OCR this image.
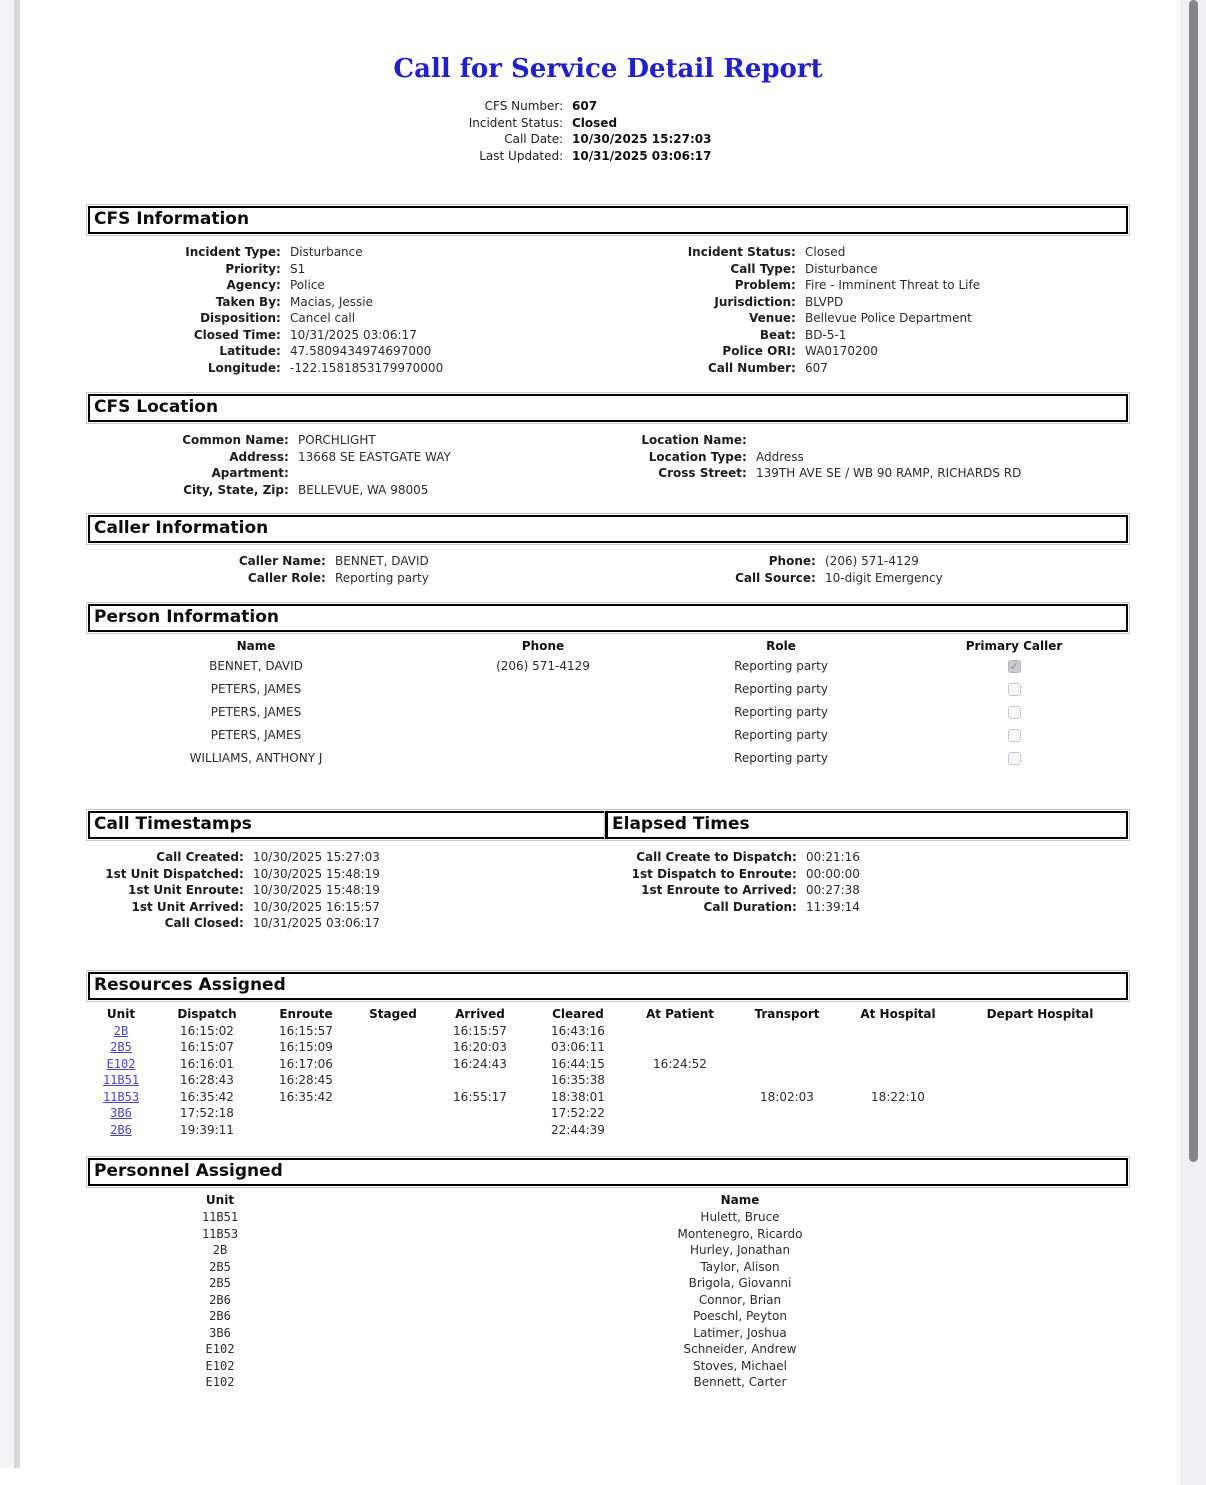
Call for Service Detail Report
CFS Number: 607
Incident Status: Closed
Call Date: 10/30/2025 15:27:03
Last Updated: 10/31/2025 03:06:17
CFS Information
Incident Type: Disturbance
Priority: S1
Agency: Police
Taken By: Macias, Jessie
Disposition: Cancel call
Closed Time: 10/31/2025 03:06:17
Latitude: 47.5809434974697000
Longitude: -122.1581853179970000
Incident Status: Closed
Call Type: Disturbance
Problem: Fire - Imminent Threat to Life
Jurisdiction: BLVPD
Venue: Bellevue Police Department
Beat: BD-5-1
Police ORI: WA0170200
Call Number: 607
CFS Location
Common Name: PORCHLIGHT
Address: 13668 SE EASTGATE WAY
Apartment:
City, State, Zip: BELLEVUE, WA 98005
Location Name:
Location Type: Address
Cross Street: 139TH AVE SE / WB 90 RAMP, RICHARDS RD
Caller Information
Caller Name: BENNET, DAVID
Caller Role: Reporting party
Phone: (206) 571-4129
Call Source: 10-digit Emergency
Person Information
Name	Phone	Role	Primary Caller
BENNET, DAVID	(206) 571-4129	Reporting party	✓
PETERS, JAMES		Reporting party	
PETERS, JAMES		Reporting party	
PETERS, JAMES		Reporting party	
WILLIAMS, ANTHONY J		Reporting party	
Call Timestamps
Call Created: 10/30/2025 15:27:03
1st Unit Dispatched: 10/30/2025 15:48:19
1st Unit Enroute: 10/30/2025 15:48:19
1st Unit Arrived: 10/30/2025 16:15:57
Call Closed: 10/31/2025 03:06:17
Elapsed Times
Call Create to Dispatch: 00:21:16
1st Dispatch to Enroute: 00:00:00
1st Enroute to Arrived: 00:27:38
Call Duration: 11:39:14
Resources Assigned
Unit	Dispatch	Enroute	Staged	Arrived	Cleared	At Patient	Transport	At Hospital	Depart Hospital
2B	16:15:02	16:15:57		16:15:57	16:43:16				
2B5	16:15:07	16:15:09		16:20:03	03:06:11				
E102	16:16:01	16:17:06		16:24:43	16:44:15	16:24:52			
11B51	16:28:43	16:28:45			16:35:38				
11B53	16:35:42	16:35:42		16:55:17	18:38:01		18:02:03	18:22:10	
3B6	17:52:18				17:52:22				
2B6	19:39:11				22:44:39				
Personnel Assigned
Unit	Name
11B51	Hulett, Bruce
11B53	Montenegro, Ricardo
2B	Hurley, Jonathan
2B5	Taylor, Alison
2B5	Brigola, Giovanni
2B6	Connor, Brian
2B6	Poeschl, Peyton
3B6	Latimer, Joshua
E102	Schneider, Andrew
E102	Stoves, Michael
E102	Bennett, Carter
